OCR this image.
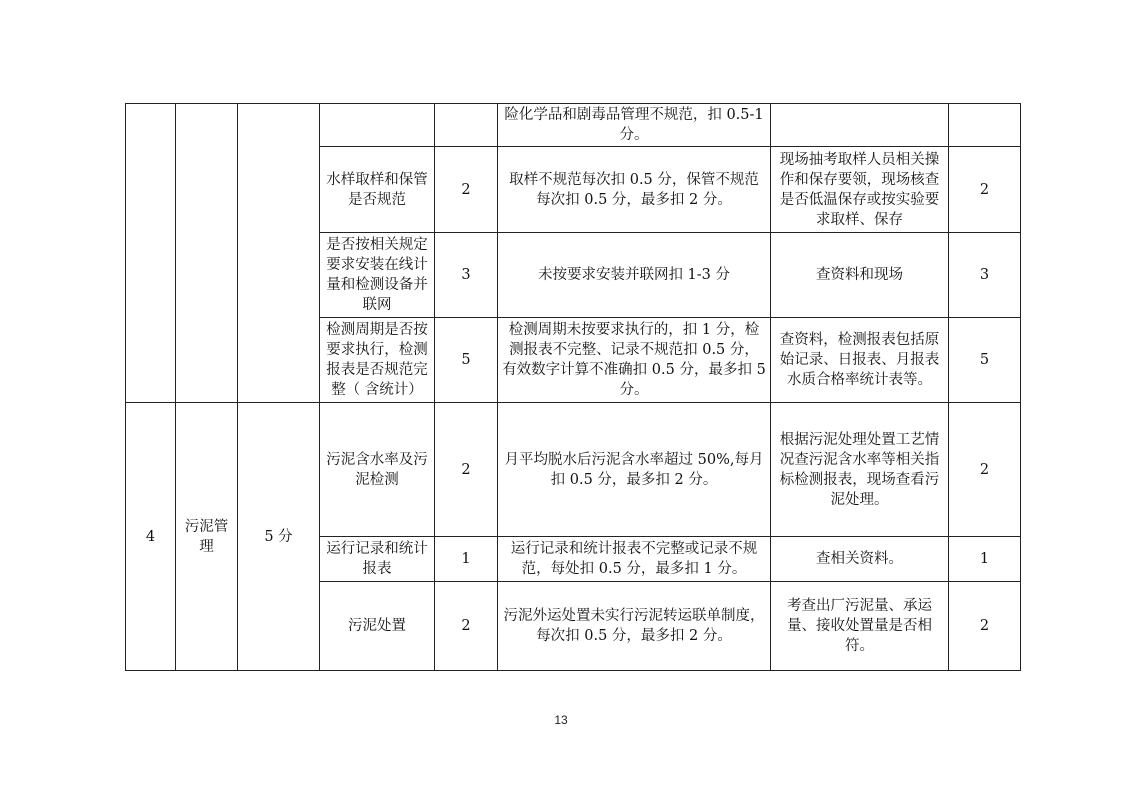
					险化学品和剧毒品管理不规范，扣 0.5-1 分。		
			水样取样和保管是否规范	2	取样不规范每次扣 0.5 分，保管不规范每次扣 0.5 分，最多扣 2 分。	现场抽考取样人员相关操作和保存要领，现场核查是否低温保存或按实验要求取样、保存	2
			是否按相关规定要求安装在线计量和检测设备并联网	3	未按要求安装并联网扣 1-3 分	查资料和现场	3
			检测周期是否按要求执行，检测报表是否规范完整（ 含统计）	5	检测周期未按要求执行的，扣 1 分，检测报表不完整、记录不规范扣 0.5 分，有效数字计算不准确扣 0.5 分，最多扣 5 分。	查资料，检测报表包括原始记录、日报表、月报表水质合格率统计表等。	5
4	污泥管理	5 分	污泥含水率及污泥检测	2	月平均脱水后污泥含水率超过 50%,每月扣 0.5 分，最多扣 2 分。	根据污泥处理处置工艺情况查污泥含水率等相关指标检测报表，现场查看污泥处理。	2
			运行记录和统计报表	1	运行记录和统计报表不完整或记录不规范，每处扣 0.5 分，最多扣 1 分。	查相关资料。	1
			污泥处置	2	污泥外运处置未实行污泥转运联单制度，每次扣 0.5 分，最多扣 2 分。	考查出厂污泥量、承运量、接收处置量是否相符。	2
13
